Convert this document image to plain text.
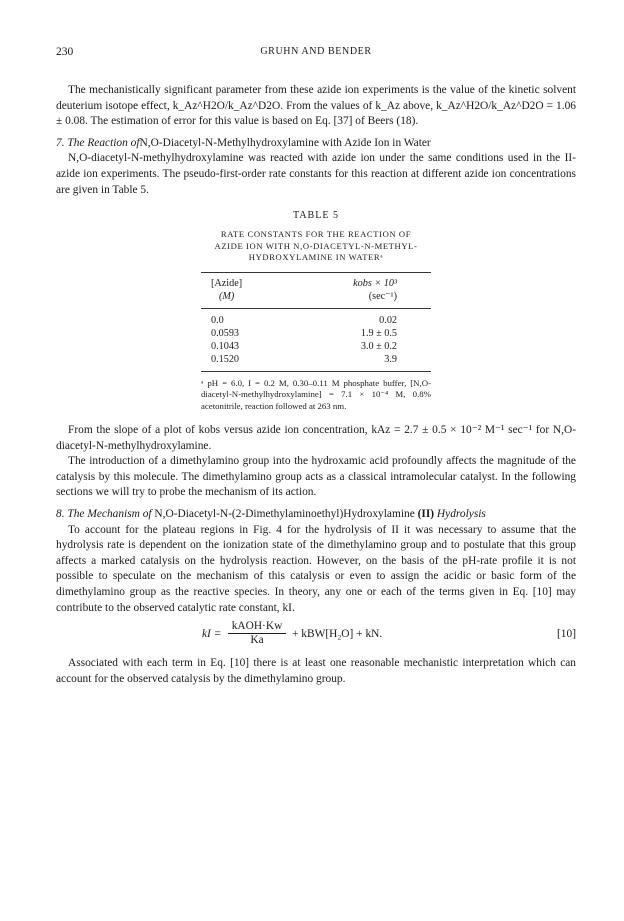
230	GRUHN AND BENDER

The mechanistically significant parameter from these azide ion experiments is the value of the kinetic solvent deuterium isotope effect, k_Az^H2O/k_Az^D2O. From the values of k_Az above, k_Az^H2O/k_Az^D2O = 1.06 ± 0.08. The estimation of error for this value is based on Eq. [37] of Beers (18).

7. The Reaction ofN,O-Diacetyl-N-Methylhydroxylamine with Azide Ion in Water

N,O-diacetyl-N-methylhydroxylamine was reacted with azide ion under the same conditions used in the II-azide ion experiments. The pseudo-first-order rate constants for this reaction at different azide ion concentrations are given in Table 5.

TABLE 5
RATE CONSTANTS FOR THE REACTION OF
AZIDE ION WITH N,O-DIACETYL-N-METHYL-
HYDROXYLAMINE IN WATERᵃ
[Azide]	kobs × 10³
(M)	(sec⁻¹)
0.0	0.02
0.0593	1.9 ± 0.5
0.1043	3.0 ± 0.2
0.1520	3.9
ᵃ pH = 6.0, I = 0.2 M, 0.30–0.11 M phosphate buffer, [N,O-diacetyl-N-methylhydroxylamine] = 7.1 × 10⁻⁴ M, 0.8% acetonitrile, reaction followed at 263 nm.

From the slope of a plot of kobs versus azide ion concentration, kAz = 2.7 ± 0.5 × 10⁻² M⁻¹ sec⁻¹ for N,O-diacetyl-N-methylhydroxylamine.

The introduction of a dimethylamino group into the hydroxamic acid profoundly affects the magnitude of the catalysis by this molecule. The dimethylamino group acts as a classical intramolecular catalyst. In the following sections we will try to probe the mechanism of its action.

8. The Mechanism of N,O-Diacetyl-N-(2-Dimethylaminoethyl)Hydroxylamine (II) Hydrolysis

To account for the plateau regions in Fig. 4 for the hydrolysis of II it was necessary to assume that the hydrolysis rate is dependent on the ionization state of the dimethylamino group and to postulate that this group affects a marked catalysis on the hydrolysis reaction. However, on the basis of the pH-rate profile it is not possible to speculate on the mechanism of this catalysis or even to assign the acidic or basic form of the dimethylamino group as the reactive species. In theory, any one or each of the terms given in Eq. [10] may contribute to the observed catalytic rate constant, kI.

kI =
kAOH·Kw
Ka	+ kBW[H₂O] + kN.	[10]

Associated with each term in Eq. [10] there is at least one reasonable mechanistic interpretation which can account for the observed catalysis by the dimethylamino group.
